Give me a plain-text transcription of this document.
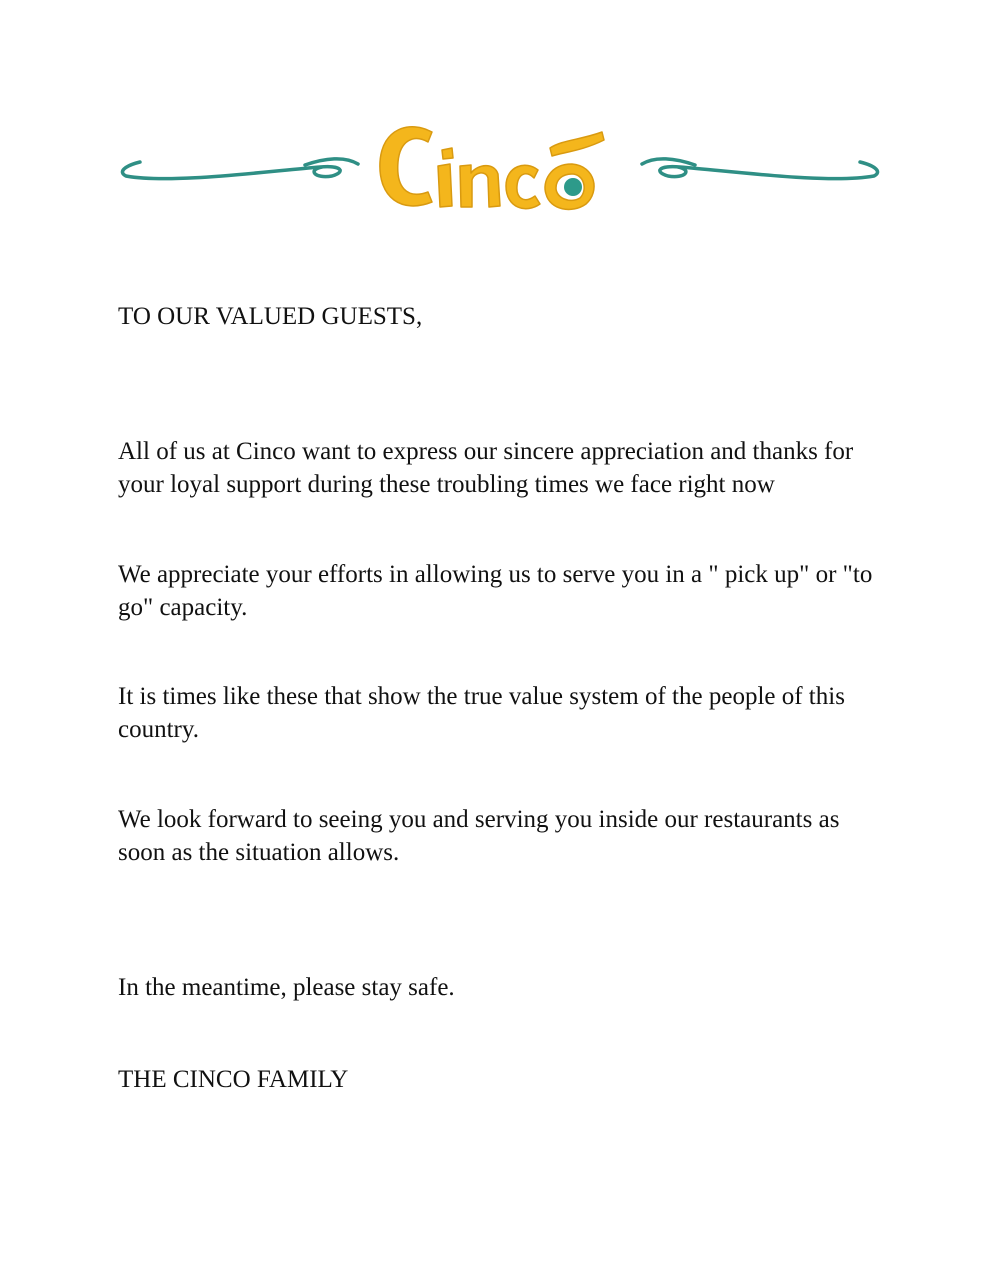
TO OUR VALUED GUESTS,

All of us at Cinco want to express our sincere appreciation and thanks for your loyal support during these troubling times we face right now

We appreciate your efforts in allowing us to serve you in a " pick up" or "to go" capacity.

It is times like these that show the true value system of the people of this country.

We look forward to seeing you and serving you inside our restaurants as soon as the situation allows.

In the meantime, please stay safe.

THE CINCO FAMILY
